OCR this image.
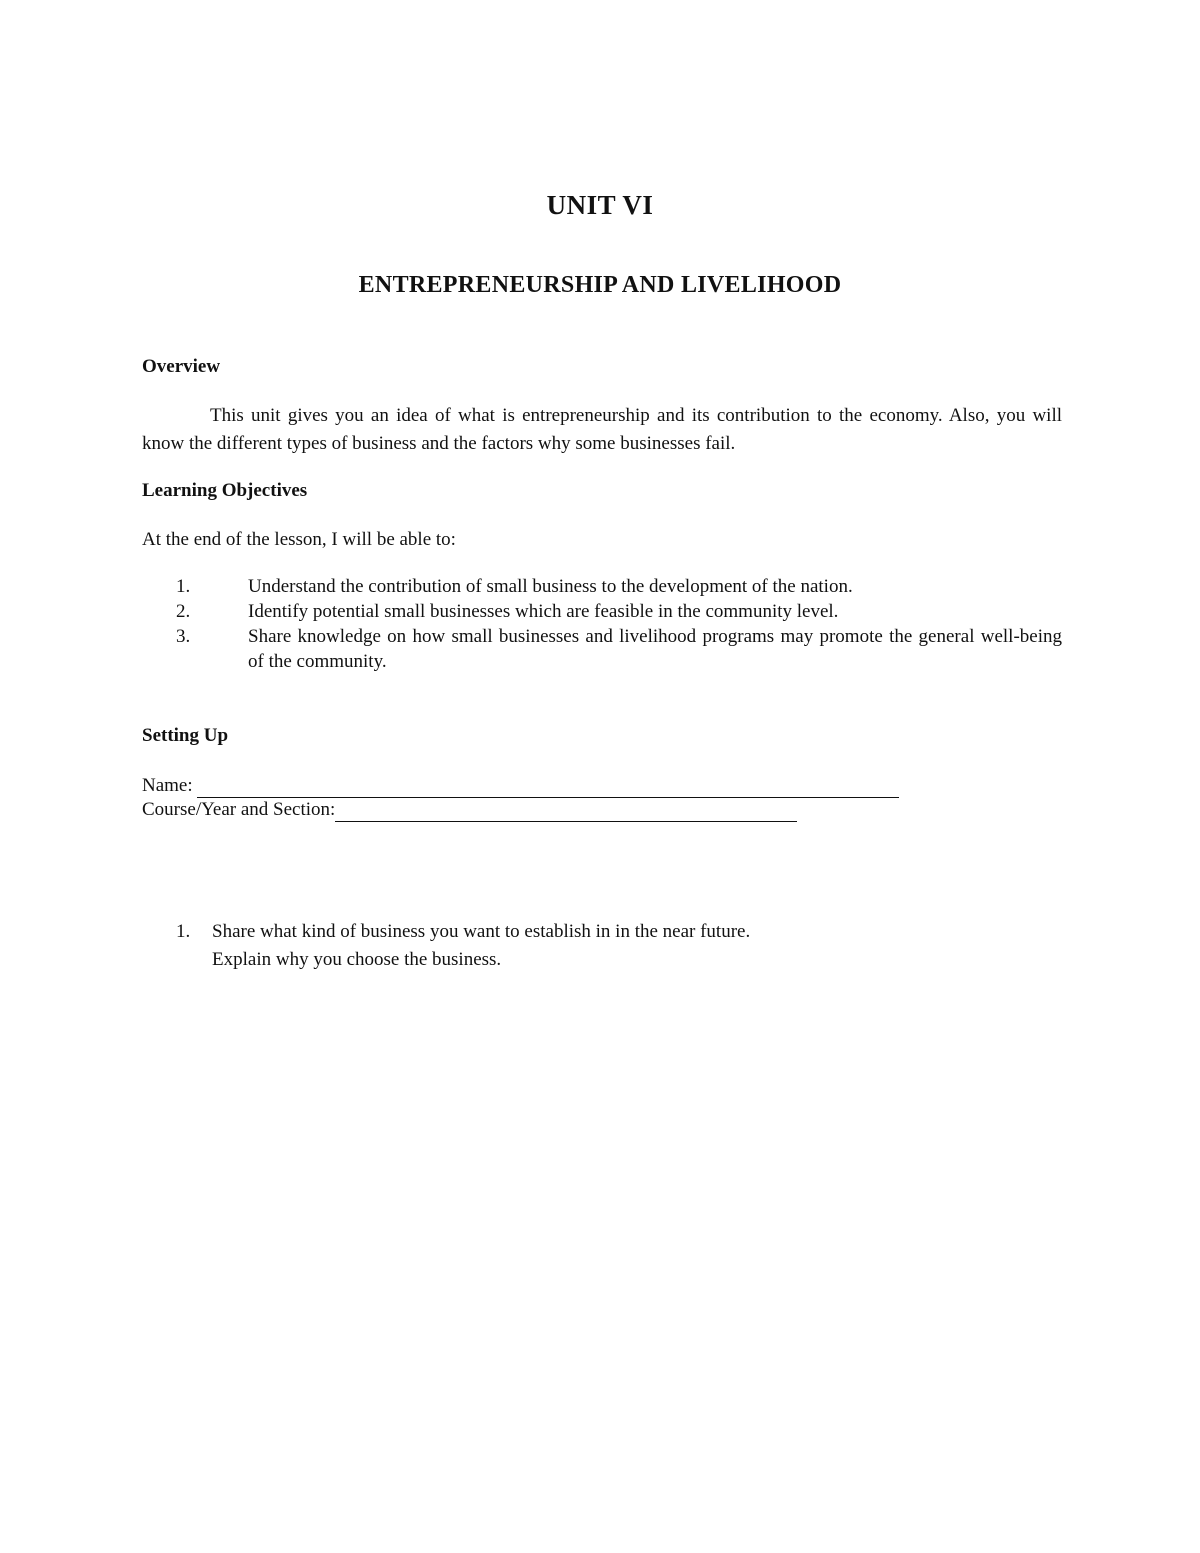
UNIT VI
ENTREPRENEURSHIP AND LIVELIHOOD
Overview
This unit gives you an idea of what is entrepreneurship and its contribution to the economy. Also, you will know the different types of business and the factors why some businesses fail.
Learning Objectives
At the end of the lesson, I will be able to:
1.	Understand the contribution of small business to the development of the nation.
2.	Identify potential small businesses which are feasible in the community level.
3.	Share knowledge on how small businesses and livelihood programs may promote the general well-being of the community.
Setting Up
Name:
Course/Year and Section:
1.	Share what kind of business you want to establish in in the near future.
Explain why you choose the business.
